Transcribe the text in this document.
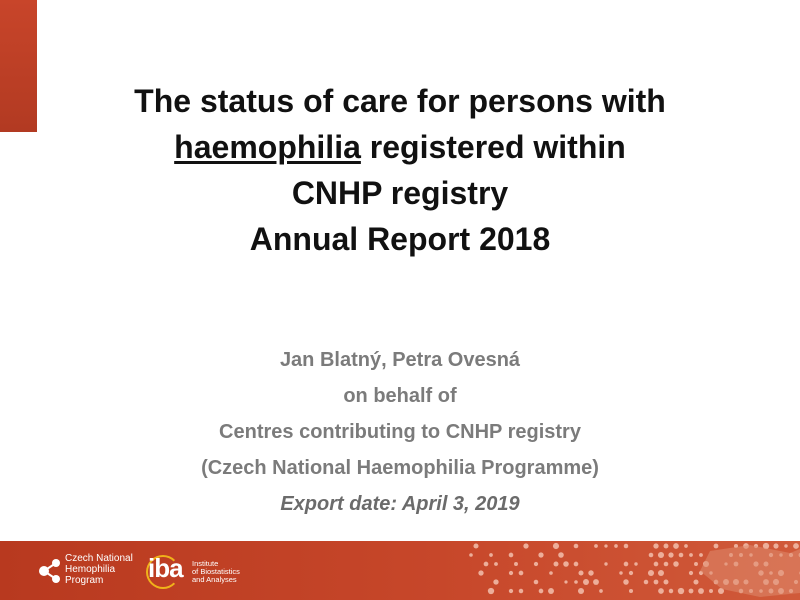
The status of care for persons with
haemophilia registered within
CNHP registry
Annual Report 2018
Jan Blatný, Petra Ovesná
on behalf of
Centres contributing to CNHP registry
(Czech National Haemophilia Programme)
Export date: April 3, 2019
Czech National
Hemophilia
Program	iba Institute
of Biostatistics
and Analyses
